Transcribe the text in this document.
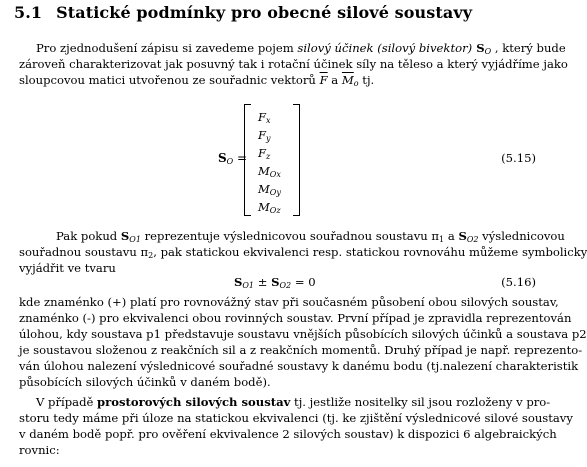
5.1 Statické podmínky pro obecné silové soustavy
Pro zjednodušení zápisu si zavedeme pojem silový účinek (silový bivektor) $S_O$ , který bude
zároveň charakterizovat jak posuvný tak i rotační účinek síly na těleso a který vyjádříme jako
sloupcovou matici utvořenou ze souřadnic vektorů $\overline{F}$ a $\overline{M}_o$ tj.
$S_O$ =
$F_x$
$F_y$
$F_z$
$M_{Ox}$
$M_{Oy}$
$M_{Oz}$
(5.15)
Pak pokud $S_{O1}$ reprezentuje výslednicovou souřadnou soustavu $\pi_1$ a $S_{O2}$ výslednicovou
souřadnou soustavu $\pi_2$, pak statickou ekvivalenci resp. statickou rovnováhu můžeme symbolicky
vyjádřit ve tvaru
$S_{O1} \pm S_{O2} = 0$	(5.16)
kde znaménko (+) platí pro rovnovážný stav při současném působení obou silových soustav,
znaménko (-) pro ekvivalenci obou rovinných soustav. První případ je zpravidla reprezentován
úlohou, kdy soustava p1 představuje soustavu vnějších působících silových účinků a soustava p2
je soustavou složenou z reakčních sil a z reakčních momentů. Druhý případ je např. reprezento-
ván úlohou nalezení výslednicové souřadné soustavy k danému bodu (tj.nalezení charakteristik
působících silových účinků v daném bodě).
V případě prostorových silových soustav tj. jestliže nositelky sil jsou rozloženy v pro-
storu tedy máme při úloze na statickou ekvivalenci (tj. ke zjištění výslednicové silové soustavy
v daném bodě popř. pro ověření ekvivalence 2 silových soustav) k dispozici 6 algebraických
rovnic:
